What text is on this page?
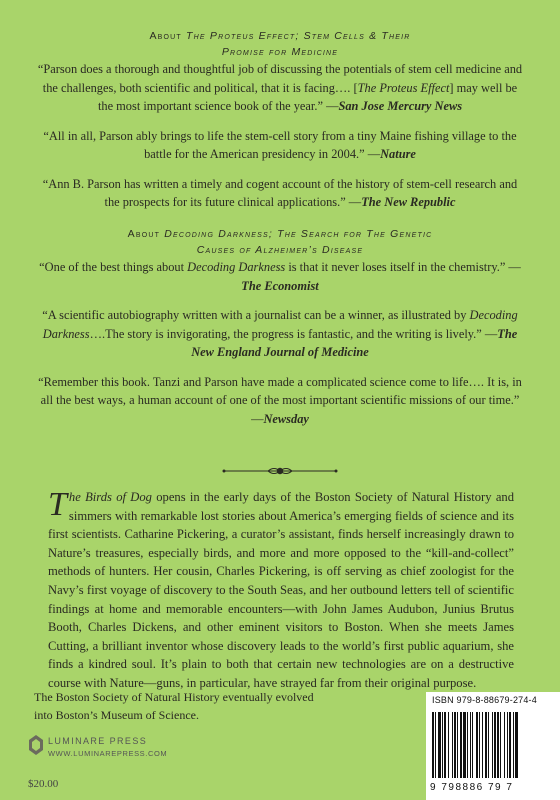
About The Proteus Effect; Stem Cells & Their
Promise for Medicine

“Parson does a thorough and thoughtful job of discussing the potentials of stem cell medicine and the challenges, both scientific and political, that it is facing…. [The Proteus Effect] may well be the most important science book of the year.” —San Jose Mercury News

“All in all, Parson ably brings to life the stem-cell story from a tiny Maine fishing village to the battle for the American presidency in 2004.” —Nature

“Ann B. Parson has written a timely and cogent account of the history of stem-cell research and the prospects for its future clinical applications.” —The New Republic

About Decoding Darkness; The Search for The Genetic
Causes of Alzheimer’s Disease

“One of the best things about Decoding Darkness is that it never loses itself in the chemistry.” —The Economist

“A scientific autobiography written with a journalist can be a winner, as illustrated by Decoding Darkness….The story is invigorating, the progress is fantastic, and the writing is lively.” —The New England Journal of Medicine

“Remember this book. Tanzi and Parson have made a complicated science come to life…. It is, in all the best ways, a human account of one of the most important scientific missions of our time.” —Newsday

The Birds of Dog opens in the early days of the Boston Society of Natural History and simmers with remarkable lost stories about America’s emerging fields of science and its first scientists. Catharine Pickering, a curator’s assistant, finds herself increasingly drawn to Nature’s treasures, especially birds, and more and more opposed to the “kill-and-collect” methods of hunters. Her cousin, Charles Pickering, is off serving as chief zoologist for the Navy’s first voyage of discovery to the South Seas, and her outbound letters tell of scientific findings at home and memorable encounters—with John James Audubon, Junius Brutus Booth, Charles Dickens, and other eminent visitors to Boston. When she meets James Cutting, a brilliant inventor whose discovery leads to the world’s first public aquarium, she finds a kindred soul. It’s plain to both that certain new technologies are on a destructive course with Nature—guns, in particular, have strayed far from their original purpose.

The Boston Society of Natural History eventually evolved into Boston’s Museum of Science.

LUMINARE PRESS
WWW.LUMINAREPRESS.COM
$20.00
ISBN 979-8-88679-274-4
9 798886 79 7
